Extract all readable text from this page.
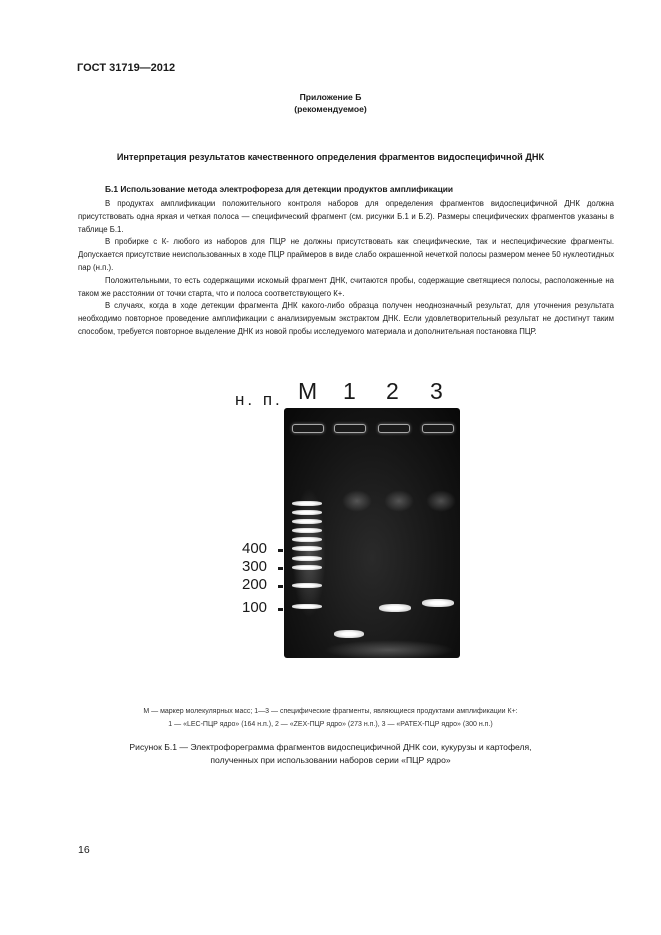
ГОСТ 31719—2012
Приложение Б
(рекомендуемое)
Интерпретация результатов качественного определения фрагментов видоспецифичной ДНК
Б.1 Использование метода электрофореза для детекции продуктов амплификации

В продуктах амплификации положительного контроля наборов для определения фрагментов видоспецифичной ДНК должна присутствовать одна яркая и четкая полоса — специфический фрагмент (см. рисунки Б.1 и Б.2). Размеры специфических фрагментов указаны в таблице Б.1.

В пробирке с К- любого из наборов для ПЦР не должны присутствовать как специфические, так и неспецифические фрагменты. Допускается присутствие неиспользованных в ходе ПЦР праймеров в виде слабо окрашенной нечеткой полосы размером менее 50 нуклеотидных пар (н.п.).

Положительными, то есть содержащими искомый фрагмент ДНК, считаются пробы, содержащие светящиеся полосы, расположенные на таком же расстоянии от точки старта, что и полоса соответствующего К+.

В случаях, когда в ходе детекции фрагмента ДНК какого-либо образца получен неоднозначный результат, для уточнения результата необходимо повторное проведение амплификации с анализируемым экстрактом ДНК. Если удовлетворительный результат не достигнут таким способом, требуется повторное выделение ДНК из новой пробы исследуемого материала и дополнительная постановка ПЦР.

н. п. М 1 2 3
400
300
200
100
М — маркер молекулярных масс; 1—3 — специфические фрагменты, являющиеся продуктами амплификации К+:
1 — «LEC-ПЦР ядро» (164 н.п.), 2 — «ZEX-ПЦР ядро» (273 н.п.), 3 — «PATEX-ПЦР ядро» (300 н.п.)
Рисунок Б.1 — Электрофореграмма фрагментов видоспецифичной ДНК сои, кукурузы и картофеля,
полученных при использовании наборов серии «ПЦР ядро»
16
